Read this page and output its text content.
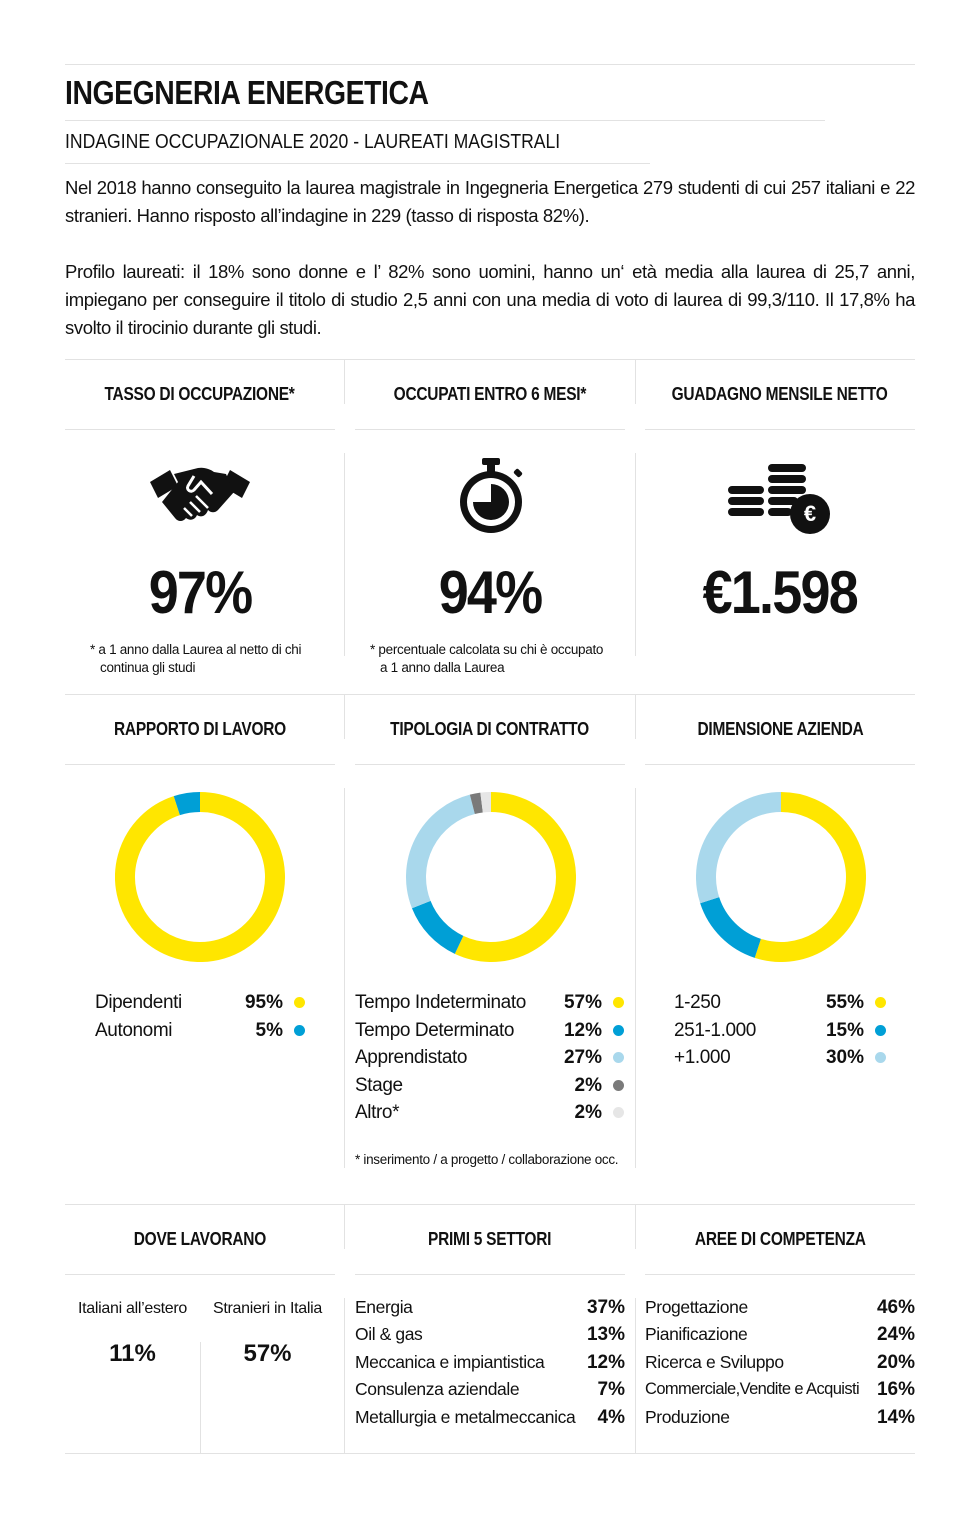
INGEGNERIA ENERGETICA
INDAGINE OCCUPAZIONALE 2020 - LAUREATI MAGISTRALI
Nel 2018 hanno conseguito la laurea magistrale in Ingegneria Energetica 279 studenti di cui 257 italiani e 22 stranieri. Hanno risposto all’indagine in 229 (tasso di risposta 82%).
Profilo laureati: il 18% sono donne e l’ 82% sono uomini, hanno un‘ età media alla laurea di 25,7 anni, impiegano per conseguire il titolo di studio 2,5 anni con una media di voto di laurea di 99,3/110. Il 17,8% ha svolto il tirocinio durante gli studi.
TASSO DI OCCUPAZIONE*	OCCUPATI ENTRO 6 MESI*	GUADAGNO MENSILE NETTO
€
97%	94%	€1.598
* a 1 anno dalla Laurea al netto di chi
continua gli studi
* percentuale calcolata su chi è occupato
a 1 anno dalla Laurea
RAPPORTO DI LAVORO	TIPOLOGIA DI CONTRATTO	DIMENSIONE AZIENDA
Dipendenti	95%
Autonomi	5%
Tempo Indeterminato 57%
Tempo Determinato	12%
Apprendistato	27%
Stage	2%
Altro*	2%
* inserimento / a progetto / collaborazione occ.
1-250	55%
251-1.000	15%
+1.000	30%
DOVE LAVORANO	PRIMI 5 SETTORI	AREE DI COMPETENZA
Italiani all’estero
11%
Stranieri in Italia
57%
Energia	37%
Oil & gas	13%
Meccanica e impiantistica 12%
Consulenza aziendale	7%
Metallurgia e metalmeccanica 4%
Progettazione	46%
Pianificazione	24%
Ricerca e Sviluppo	20%
Commerciale,Vendite e Acquisti 16%
Produzione	14%
